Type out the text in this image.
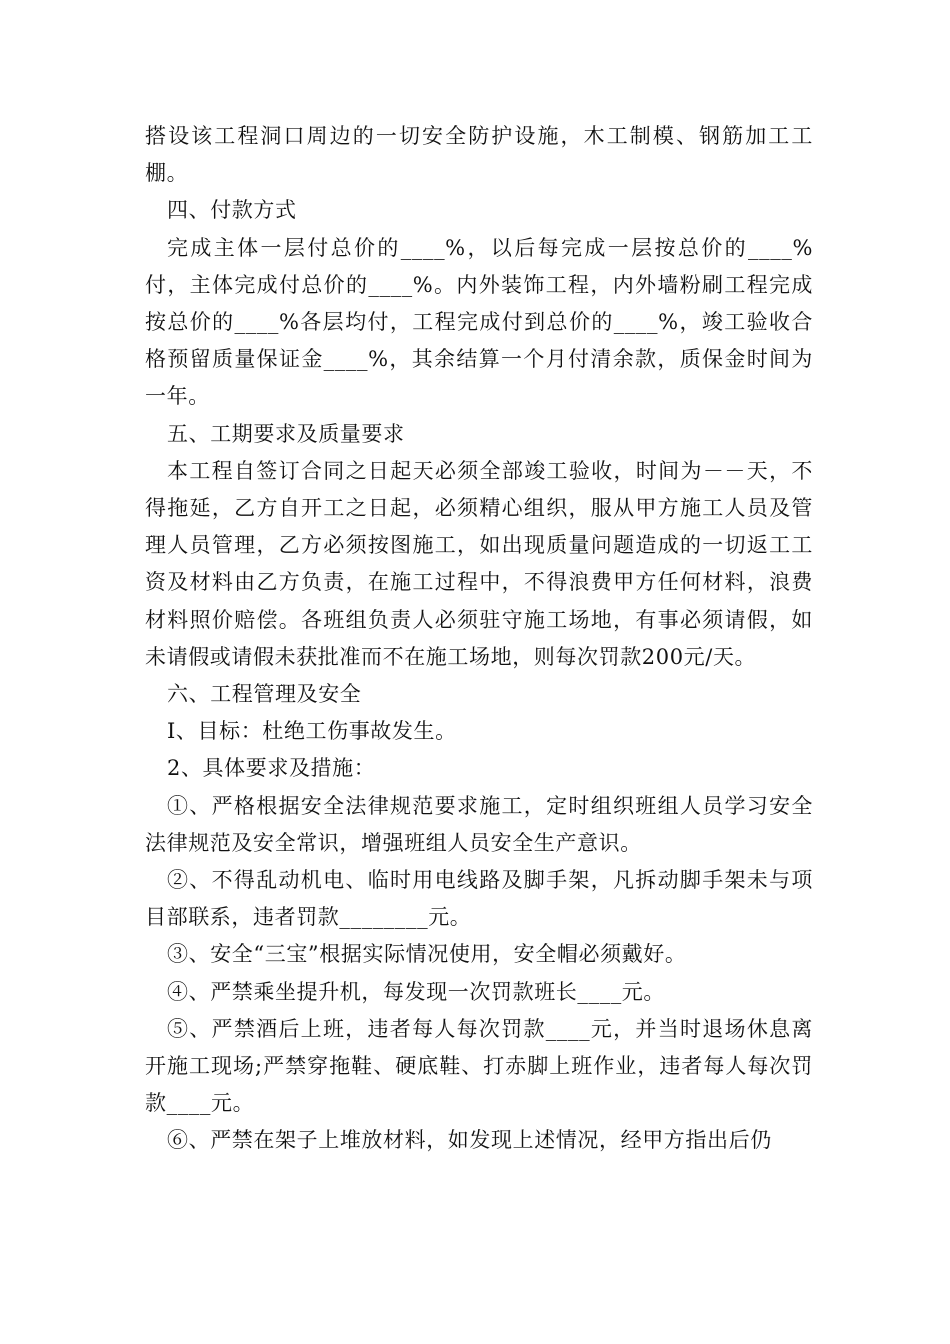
搭设该工程洞口周边的一切安全防护设施，木工制模、钢筋加工工棚。

四、付款方式

完成主体一层付总价的____%，以后每完成一层按总价的____%付，主体完成付总价的____%。内外装饰工程，内外墙粉刷工程完成按总价的____%各层均付，工程完成付到总价的____%，竣工验收合格预留质量保证金____%，其余结算一个月付清余款，质保金时间为一年。

五、工期要求及质量要求

本工程自签订合同之日起天必须全部竣工验收，时间为－－天，不得拖延，乙方自开工之日起，必须精心组织，服从甲方施工人员及管理人员管理，乙方必须按图施工，如出现质量问题造成的一切返工工资及材料由乙方负责，在施工过程中，不得浪费甲方任何材料，浪费材料照价赔偿。各班组负责人必须驻守施工场地，有事必须请假，如未请假或请假未获批准而不在施工场地，则每次罚款200元/天。

六、工程管理及安全

I、目标：杜绝工伤事故发生。

2、具体要求及措施：

①、严格根据安全法律规范要求施工，定时组织班组人员学习安全法律规范及安全常识，增强班组人员安全生产意识。

②、不得乱动机电、临时用电线路及脚手架，凡拆动脚手架未与项目部联系，违者罚款________元。

③、安全“三宝”根据实际情况使用，安全帽必须戴好。

④、严禁乘坐提升机，每发现一次罚款班长____元。

⑤、严禁酒后上班，违者每人每次罚款____元，并当时退场休息离开施工现场;严禁穿拖鞋、硬底鞋、打赤脚上班作业，违者每人每次罚款____元。

⑥、严禁在架子上堆放材料，如发现上述情况，经甲方指出后仍
